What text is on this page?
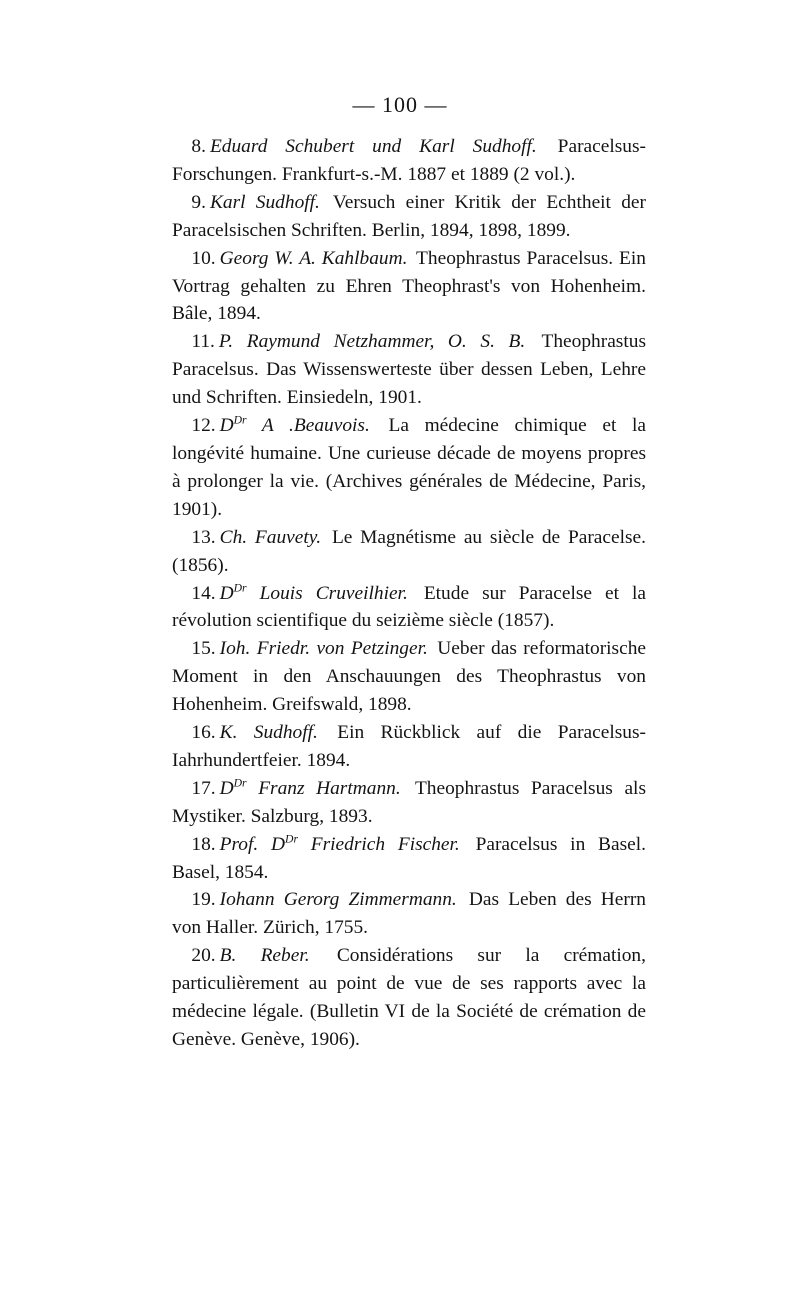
— 100 —

8. Eduard Schubert und Karl Sudhoff. Paracelsus-Forschungen. Frankfurt-s.-M. 1887 et 1889 (2 vol.).

9. Karl Sudhoff. Versuch einer Kritik der Echtheit der Paracelsischen Schriften. Berlin, 1894, 1898, 1899.

10. Georg W. A. Kahlbaum. Theophrastus Paracelsus. Ein Vortrag gehalten zu Ehren Theophrast's von Hohenheim. Bâle, 1894.

11. P. Raymund Netzhammer, O. S. B. Theophrastus Paracelsus. Das Wissenswerteste über dessen Leben, Lehre und Schriften. Einsiedeln, 1901.

12. $D^{Dr}$ A .Beauvois. La médecine chimique et la longévité humaine. Une curieuse décade de moyens propres à prolonger la vie. (Archives générales de Médecine, Paris, 1901).

13. Ch. Fauvety. Le Magnétisme au siècle de Paracelse. (1856).

14. $D^{Dr}$ Louis Cruveilhier. Etude sur Paracelse et la révolution scientifique du seizième siècle (1857).

15. Ioh. Friedr. von Petzinger. Ueber das reformatorische Moment in den Anschauungen des Theophrastus von Hohenheim. Greifswald, 1898.

16. K. Sudhoff. Ein Rückblick auf die Paracelsus-Iahrhundertfeier. 1894.

17. $D^{Dr}$ Franz Hartmann. Theophrastus Paracelsus als Mystiker. Salzburg, 1893.

18. Prof. $D^{Dr}$ Friedrich Fischer. Paracelsus in Basel. Basel, 1854.

19. Iohann Gerorg Zimmermann. Das Leben des Herrn von Haller. Zürich, 1755.

20. B. Reber. Considérations sur la crémation, particulièrement au point de vue de ses rapports avec la médecine légale. (Bulletin VI de la Société de crémation de Genève. Genève, 1906).
